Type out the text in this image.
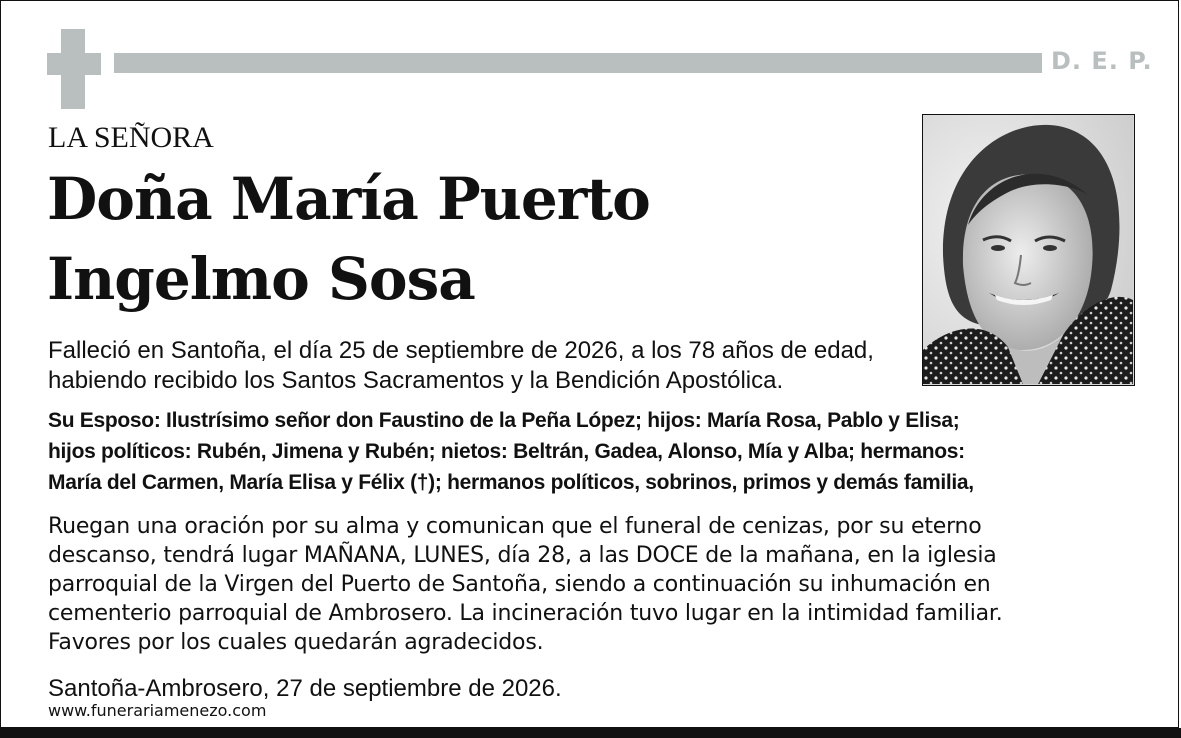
D. E. P.
LA SEÑORA
Doña María Puerto
Ingelmo Sosa
Falleció en Santoña, el día 25 de septiembre de 2026, a los 78 años de edad,
habiendo recibido los Santos Sacramentos y la Bendición Apostólica.
Su Esposo: Ilustrísimo señor don Faustino de la Peña López; hijos: María Rosa, Pablo y Elisa;
hijos políticos: Rubén, Jimena y Rubén; nietos: Beltrán, Gadea, Alonso, Mía y Alba; hermanos:
María del Carmen, María Elisa y Félix (†); hermanos políticos, sobrinos, primos y demás familia,
Ruegan una oración por su alma y comunican que el funeral de cenizas, por su eterno
descanso, tendrá lugar MAÑANA, LUNES, día 28, a las DOCE de la mañana, en la iglesia
parroquial de la Virgen del Puerto de Santoña, siendo a continuación su inhumación en
cementerio parroquial de Ambrosero. La incineración tuvo lugar en la intimidad familiar.
Favores por los cuales quedarán agradecidos.
Santoña-Ambrosero, 27 de septiembre de 2026.
www.funerariamenezo.com
